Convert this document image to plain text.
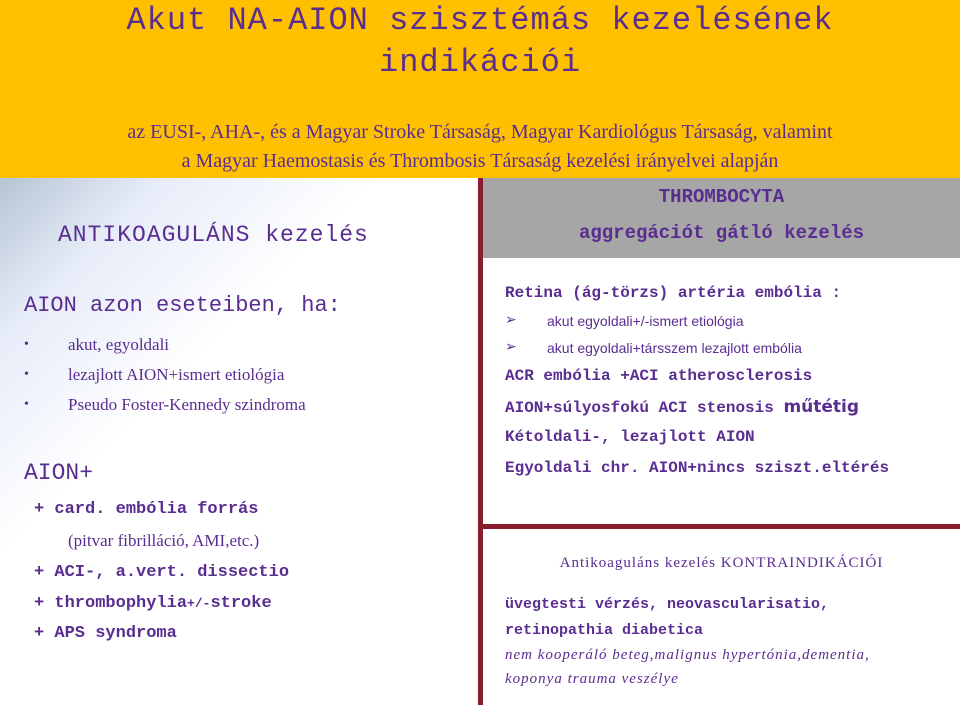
Akut NA-AION szisztémás kezelésének
indikációi
az EUSI-, AHA-, és a Magyar Stroke Társaság, Magyar Kardiológus Társaság, valamint
a Magyar Haemostasis és Thrombosis Társaság kezelési irányelvei alapján

ANTIKOAGULÁNS kezelés

AION azon eseteiben, ha:

• akut, egyoldali

• lezajlott AION+ismert etiológia

• Pseudo Foster-Kennedy szindroma

AION+

+ card. embólia forrás

(pitvar fibrilláció, AMI,etc.)

+ ACI-, a.vert. dissectio

+ thrombophylia+/-stroke

+ APS syndroma

THROMBOCYTA

aggregációt gátló kezelés

Retina (ág-törzs) artéria embólia :

➢ akut egyoldali+/-ismert etiológia

➢ akut egyoldali+társszem lezajlott embólia

ACR embólia +ACI atherosclerosis

AION+súlyosfokú ACI stenosis műtétig

Kétoldali-, lezajlott AION

Egyoldali chr. AION+nincs sziszt.eltérés

Antikoaguláns kezelés KONTRAINDIKÁCIÓI

üvegtesti vérzés, neovascularisatio,

retinopathia diabetica

nem kooperáló beteg,malignus hypertónia,dementia,

koponya trauma veszélye
